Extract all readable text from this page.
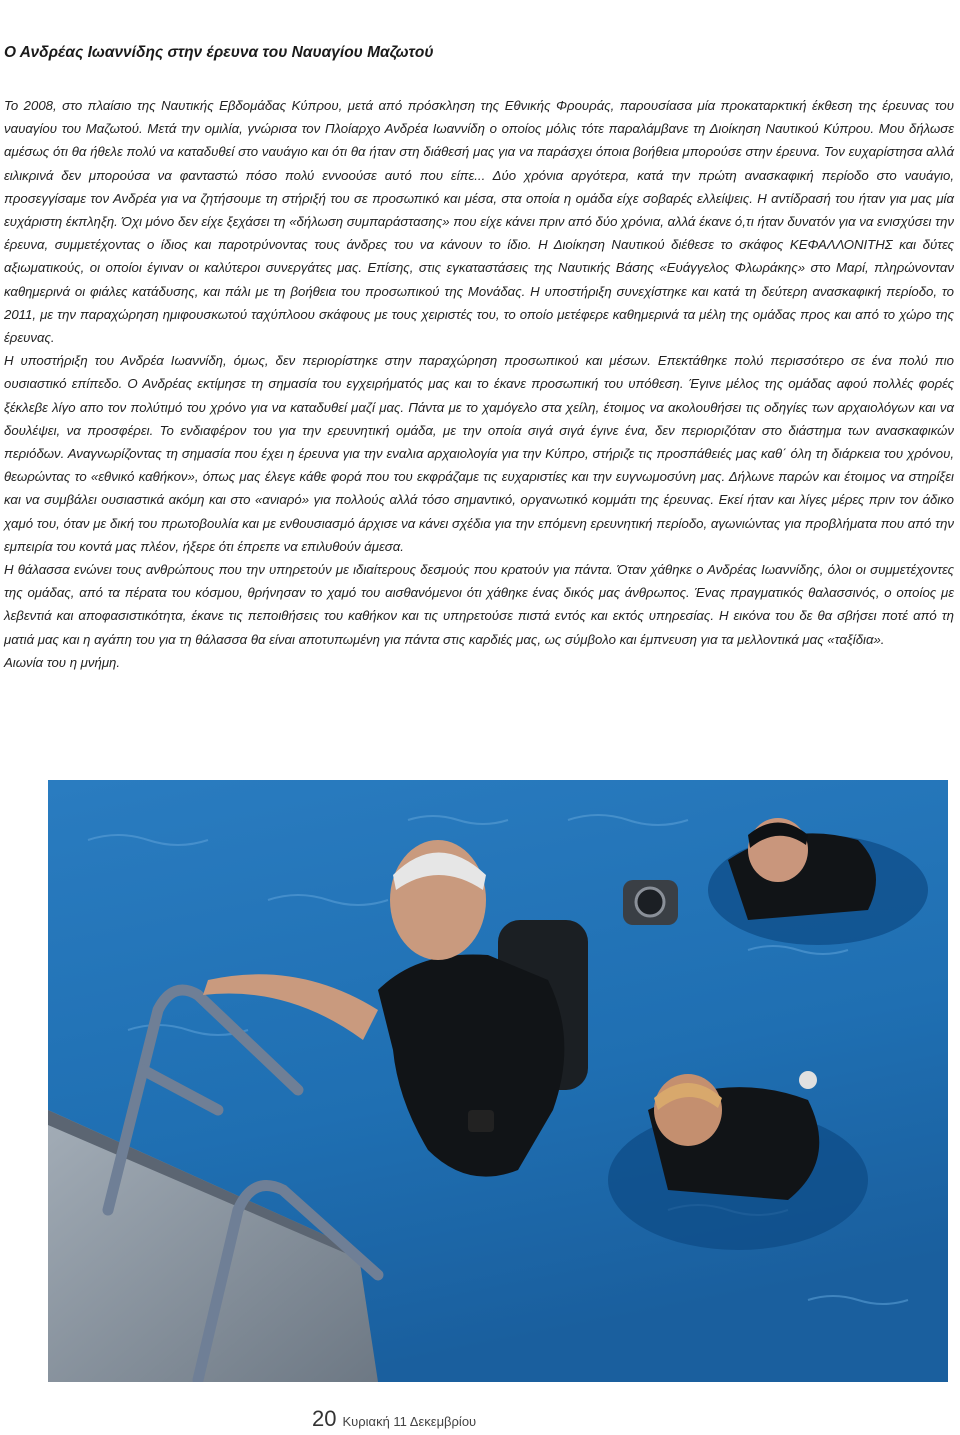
Ο Ανδρέας Ιωαννίδης στην έρευνα του Ναυαγίου Μαζωτού

Το 2008, στο πλαίσιο της Ναυτικής Εβδομάδας Κύπρου, μετά από πρόσκληση της Εθνικής Φρουράς, παρουσίασα μία προκαταρκτική έκθεση της έρευνας του ναυαγίου του Μαζωτού. Μετά την ομιλία, γνώρισα τον Πλοίαρχο Ανδρέα Ιωαννίδη ο οποίος μόλις τότε παραλάμβανε τη Διοίκηση Ναυτικού Κύπρου. Μου δήλωσε αμέσως ότι θα ήθελε πολύ να καταδυθεί στο ναυάγιο και ότι θα ήταν στη διάθεσή μας για να παράσχει όποια βοήθεια μπορούσε στην έρευνα. Τον ευχαρίστησα αλλά ειλικρινά δεν μπορούσα να φανταστώ πόσο πολύ εννοούσε αυτό που είπε... Δύο χρόνια αργότερα, κατά την πρώτη ανασκαφική περίοδο στο ναυάγιο, προσεγγίσαμε τον Ανδρέα για να ζητήσουμε τη στήριξή του σε προσωπικό και μέσα, στα οποία η ομάδα είχε σοβαρές ελλείψεις. Η αντίδρασή του ήταν για μας μία ευχάριστη έκπληξη. Όχι μόνο δεν είχε ξεχάσει τη «δήλωση συμπαράστασης» που είχε κάνει πριν από δύο χρόνια, αλλά έκανε ό,τι ήταν δυνατόν για να ενισχύσει την έρευνα, συμμετέχοντας ο ίδιος και παροτρύνοντας τους άνδρες του να κάνουν το ίδιο. Η Διοίκηση Ναυτικού διέθεσε το σκάφος ΚΕΦΑΛΛΟΝΙΤΗΣ και δύτες αξιωματικούς, οι οποίοι έγιναν οι καλύτεροι συνεργάτες μας. Επίσης, στις εγκαταστάσεις της Ναυτικής Βάσης «Ευάγγελος Φλωράκης» στο Μαρί, πληρώνονταν καθημερινά οι φιάλες κατάδυσης, και πάλι με τη βοήθεια του προσωπικού της Μονάδας. Η υποστήριξη συνεχίστηκε και κατά τη δεύτερη ανασκαφική περίοδο, το 2011, με την παραχώρηση ημιφουσκωτού ταχύπλοου σκάφους με τους χειριστές του, το οποίο μετέφερε καθημερινά τα μέλη της ομάδας προς και από το χώρο της έρευνας.

Η υποστήριξη του Ανδρέα Ιωαννίδη, όμως, δεν περιορίστηκε στην παραχώρηση προσωπικού και μέσων. Επεκτάθηκε πολύ περισσότερο σε ένα πολύ πιο ουσιαστικό επίπεδο. Ο Ανδρέας εκτίμησε τη σημασία του εγχειρήματός μας και το έκανε προσωπική του υπόθεση. Έγινε μέλος της ομάδας αφού πολλές φορές ξέκλεβε λίγο απο τον πολύτιμό του χρόνο για να καταδυθεί μαζί μας. Πάντα με το χαμόγελο στα χείλη, έτοιμος να ακολουθήσει τις οδηγίες των αρχαιολόγων και να δουλέψει, να προσφέρει. Το ενδιαφέρον του για την ερευνητική ομάδα, με την οποία σιγά σιγά έγινε ένα, δεν περιοριζόταν στο διάστημα των ανασκαφικών περιόδων. Αναγνωρίζοντας τη σημασία που έχει η έρευνα για την εναλια αρχαιολογία για την Κύπρο, στήριζε τις προσπάθειές μας καθ΄ όλη τη διάρκεια του χρόνου, θεωρώντας το «εθνικό καθήκον», όπως μας έλεγε κάθε φορά που του εκφράζαμε τις ευχαριστίες και την ευγνωμοσύνη μας. Δήλωνε παρών και έτοιμος να στηρίξει και να συμβάλει ουσιαστικά ακόμη και στο «ανιαρό» για πολλούς αλλά τόσο σημαντικό, οργανωτικό κομμάτι της έρευνας. Εκεί ήταν και λίγες μέρες πριν τον άδικο χαμό του, όταν με δική του πρωτοβουλία και με ενθουσιασμό άρχισε να κάνει σχέδια για την επόμενη ερευνητική περίοδο, αγωνιώντας για προβλήματα που από την εμπειρία του κοντά μας πλέον, ήξερε ότι έπρεπε να επιλυθούν άμεσα.

Η θάλασσα ενώνει τους ανθρώπους που την υπηρετούν με ιδιαίτερους δεσμούς που κρατούν για πάντα. Όταν χάθηκε ο Ανδρέας Ιωαννίδης, όλοι οι συμμετέχοντες της ομάδας, από τα πέρατα του κόσμου, θρήνησαν το χαμό του αισθανόμενοι ότι χάθηκε ένας δικός μας άνθρωπος. Ένας πραγματικός θαλασσινός, ο οποίος με λεβεντιά και αποφασιστικότητα, έκανε τις πεποιθήσεις του καθήκον και τις υπηρετούσε πιστά εντός και εκτός υπηρεσίας. Η εικόνα του δε θα σβήσει ποτέ από τη ματιά μας και η αγάπη του για τη θάλασσα θα είναι αποτυπωμένη για πάντα στις καρδιές μας, ως σύμβολο και έμπνευση για τα μελλοντικά μας «ταξίδια».

Αιωνία του η μνήμη.

20 Κυριακή 11 Δεκεμβρίου
